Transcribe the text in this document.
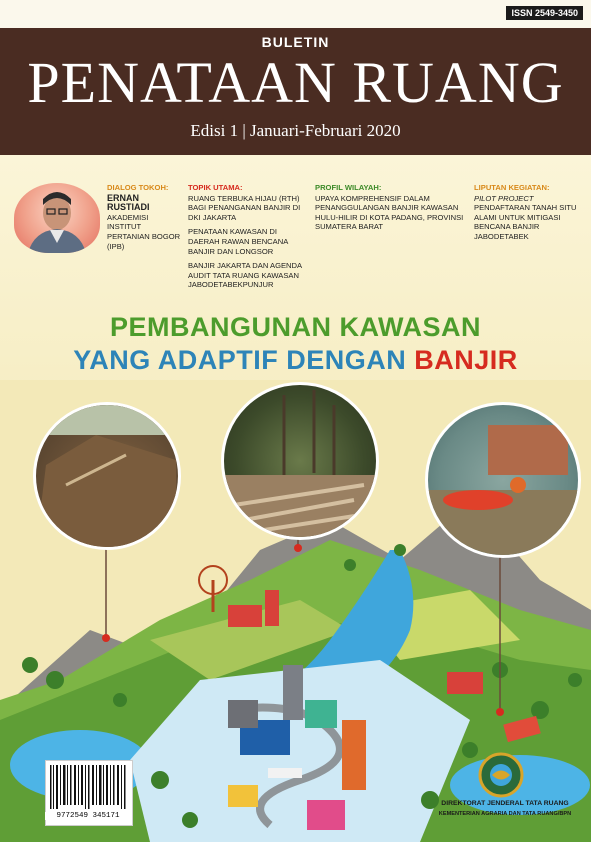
ISSN 2549-3450
BULETIN
PENATAAN RUANG
Edisi 1 | Januari-Februari 2020

DIALOG TOKOH:

ERNAN RUSTIADI
AKADEMISI INSTITUT PERTANIAN BOGOR (IPB)

TOPIK UTAMA:

RUANG TERBUKA HIJAU (RTH) BAGI PENANGANAN BANJIR DI DKI JAKARTA

PENATAAN KAWASAN DI DAERAH RAWAN BENCANA BANJIR DAN LONGSOR

BANJIR JAKARTA DAN AGENDA AUDIT TATA RUANG KAWASAN JABODETABEKPUNJUR

PROFIL WILAYAH:

UPAYA KOMPREHENSIF DALAM PENANGGULANGAN BANJIR KAWASAN HULU-HILIR DI KOTA PADANG, PROVINSI SUMATERA BARAT

LIPUTAN KEGIATAN:

PILOT PROJECT

PENDAFTARAN TANAH SITU ALAMI UNTUK MITIGASI BENCANA BANJIR JABODETABEK

PEMBANGUNAN KAWASAN
YANG ADAPTIF DENGAN BANJIR
9772549 345171
DIREKTORAT JENDERAL TATA RUANG
KEMENTERIAN AGRARIA DAN TATA RUANG/BPN
